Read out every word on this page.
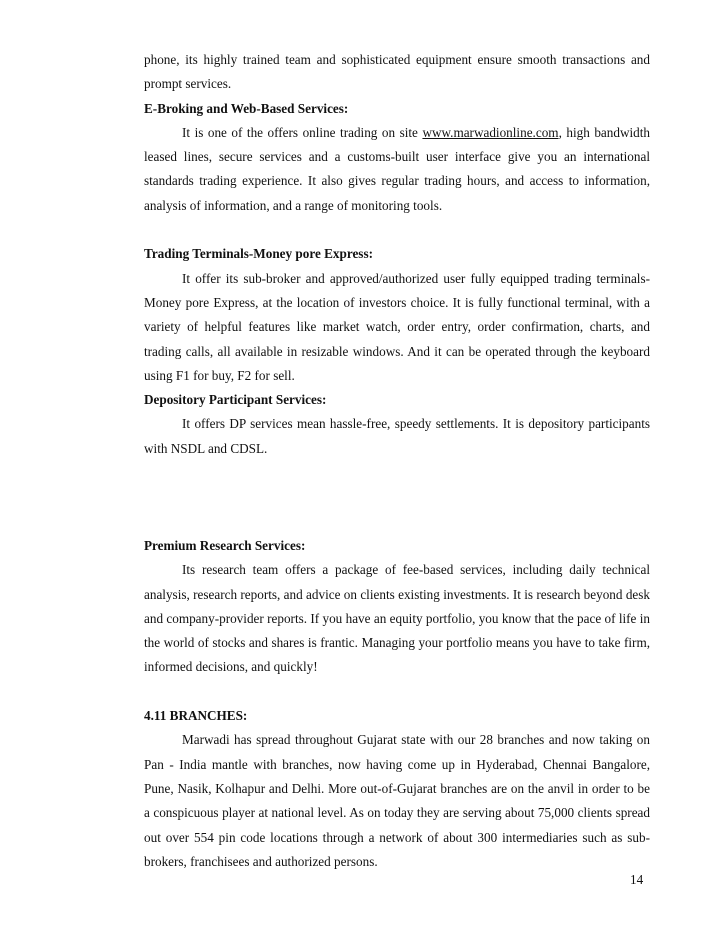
phone, its highly trained team and sophisticated equipment ensure smooth transactions and prompt services.

E-Broking and Web-Based Services:

It is one of the offers online trading on site www.marwadionline.com, high bandwidth leased lines, secure services and a customs-built user interface give you an international standards trading experience. It also gives regular trading hours, and access to information, analysis of information, and a range of monitoring tools.

Trading Terminals-Money pore Express:

It offer its sub-broker and approved/authorized user fully equipped trading terminals-Money pore Express, at the location of investors choice. It is fully functional terminal, with a variety of helpful features like market watch, order entry, order confirmation, charts, and trading calls, all available in resizable windows. And it can be operated through the keyboard using F1 for buy, F2 for sell.

Depository Participant Services:

It offers DP services mean hassle-free, speedy settlements. It is depository participants with NSDL and CDSL.

Premium Research Services:

Its research team offers a package of fee-based services, including daily technical analysis, research reports, and advice on clients existing investments. It is research beyond desk and company-provider reports. If you have an equity portfolio, you know that the pace of life in the world of stocks and shares is frantic. Managing your portfolio means you have to take firm, informed decisions, and quickly!

4.11 BRANCHES:

Marwadi has spread throughout Gujarat state with our 28 branches and now taking on Pan - India mantle with branches, now having come up in Hyderabad, Chennai Bangalore, Pune, Nasik, Kolhapur and Delhi. More out-of-Gujarat branches are on the anvil in order to be a conspicuous player at national level. As on today they are serving about 75,000 clients spread out over 554 pin code locations through a network of about 300 intermediaries such as sub-brokers, franchisees and authorized persons.

14
